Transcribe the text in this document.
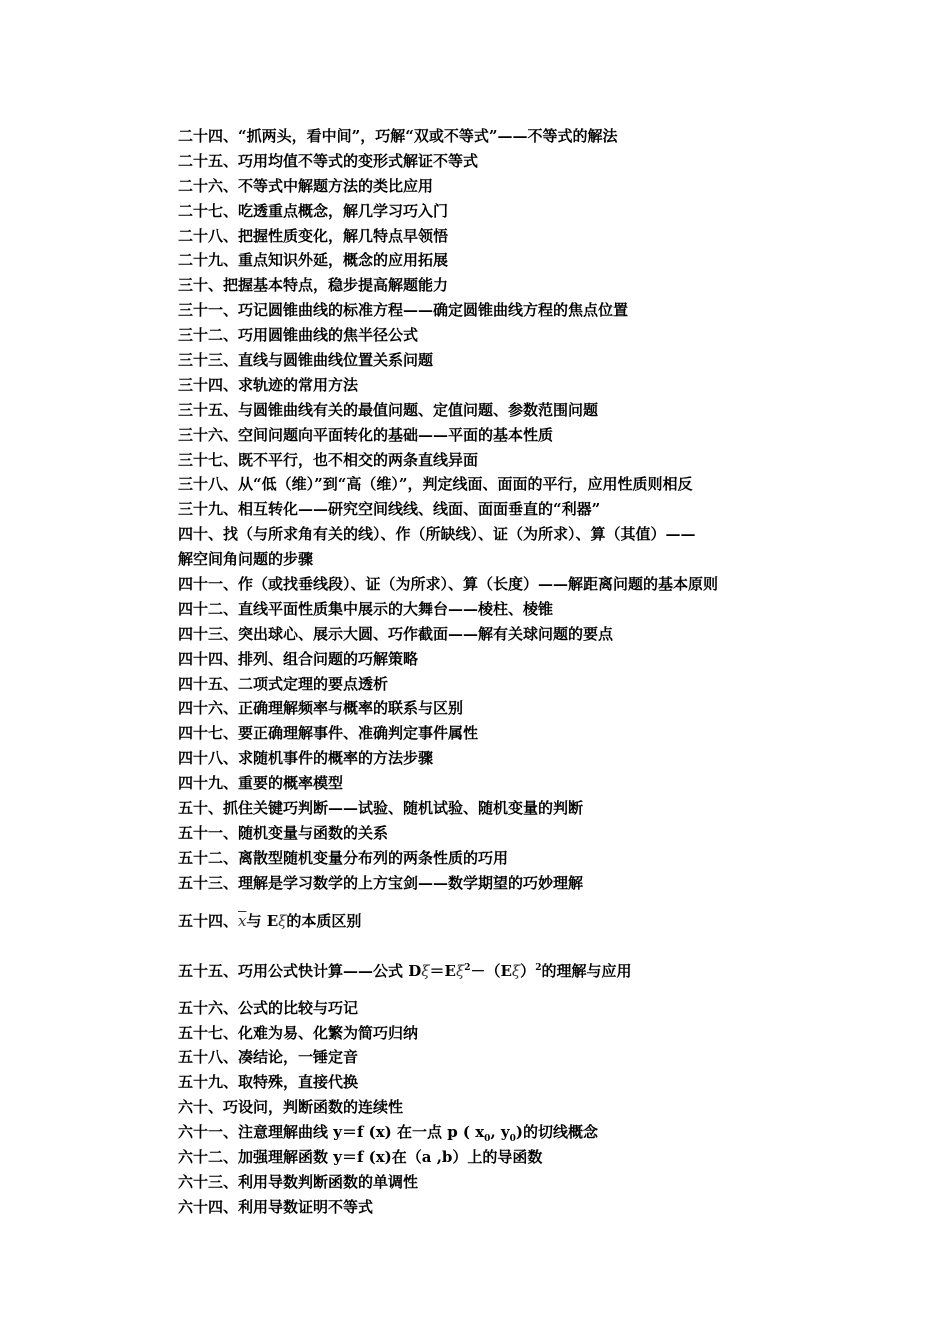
二十四、“抓两头，看中间”，巧解“双或不等式”——不等式的解法
二十五、巧用均值不等式的变形式解证不等式
二十六、不等式中解题方法的类比应用
二十七、吃透重点概念，解几学习巧入门
二十八、把握性质变化，解几特点早领悟
二十九、重点知识外延，概念的应用拓展
三十、把握基本特点，稳步提高解题能力
三十一、巧记圆锥曲线的标准方程——确定圆锥曲线方程的焦点位置
三十二、巧用圆锥曲线的焦半径公式
三十三、直线与圆锥曲线位置关系问题
三十四、求轨迹的常用方法
三十五、与圆锥曲线有关的最值问题、定值问题、参数范围问题
三十六、空间问题向平面转化的基础——平面的基本性质
三十七、既不平行，也不相交的两条直线异面
三十八、从“低（维）”到“高（维）”，判定线面、面面的平行，应用性质则相反
三十九、相互转化——研究空间线线、线面、面面垂直的“利器”
四十、找（与所求角有关的线）、作（所缺线）、证（为所求）、算（其值）——
解空间角问题的步骤
四十一、作（或找垂线段）、证（为所求）、算（长度）——解距离问题的基本原则
四十二、直线平面性质集中展示的大舞台——棱柱、棱锥
四十三、突出球心、展示大圆、巧作截面——解有关球问题的要点
四十四、排列、组合问题的巧解策略
四十五、二项式定理的要点透析
四十六、正确理解频率与概率的联系与区别
四十七、要正确理解事件、准确判定事件属性
四十八、求随机事件的概率的方法步骤
四十九、重要的概率模型
五十、抓住关键巧判断——试验、随机试验、随机变量的判断
五十一、随机变量与函数的关系
五十二、离散型随机变量分布列的两条性质的巧用
五十三、理解是学习数学的上方宝剑——数学期望的巧妙理解
五十四、$\overline{x}$与 Eξ的本质区别
五十五、巧用公式快计算——公式 $D\xi=E\xi^2-(E\xi)^2$的理解与应用
五十六、公式的比较与巧记
五十七、化难为易、化繁为简巧归纳
五十八、凑结论，一锤定音
五十九、取特殊，直接代换
六十、巧设问，判断函数的连续性
六十一、注意理解曲线 y＝f (x) 在一点 p ( $x_0$, $y_0$)的切线概念
六十二、加强理解函数 y＝f (x)在（a ,b）上的导函数
六十三、利用导数判断函数的单调性
六十四、利用导数证明不等式
